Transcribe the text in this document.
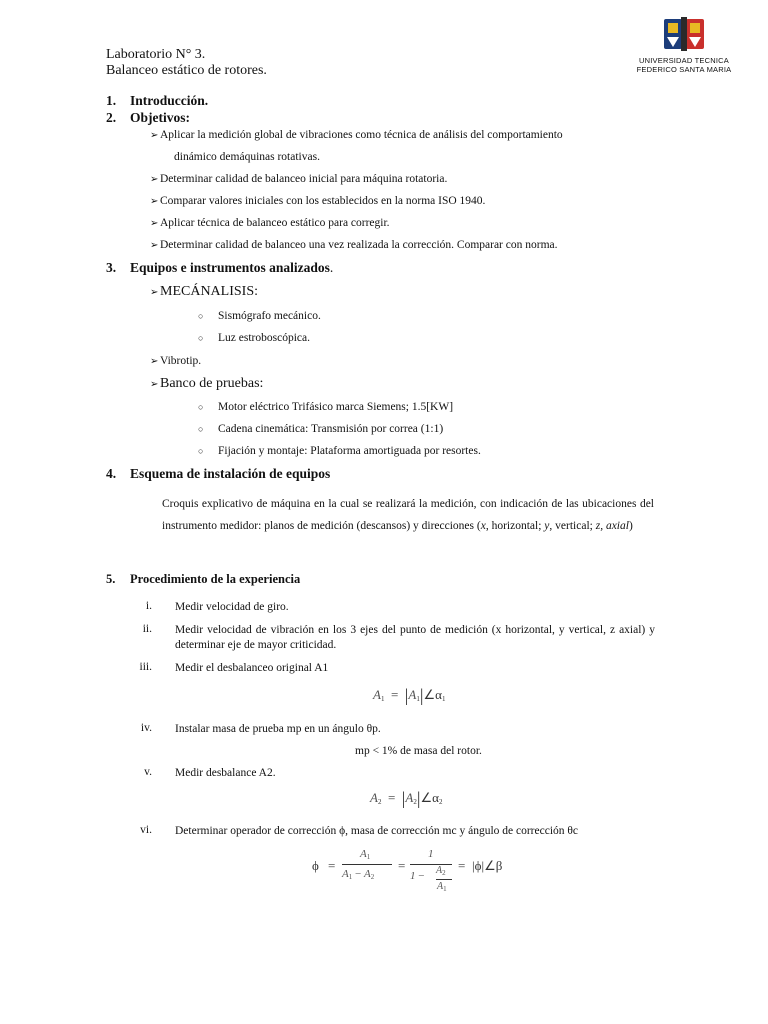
Laboratorio N° 3.
Balanceo estático de rotores.
UNIVERSIDAD TECNICA
FEDERICO SANTA MARIA
1. Introducción.
2. Objetivos:
➢ Aplicar la medición global de vibraciones como técnica de análisis del comportamiento
dinámico demáquinas rotativas.
➢ Determinar calidad de balanceo inicial para máquina rotatoria.
➢ Comparar valores iniciales con los establecidos en la norma ISO 1940.
➢ Aplicar técnica de balanceo estático para corregir.
➢ Determinar calidad de balanceo una vez realizada la corrección. Comparar con norma.
3. Equipos e instrumentos analizados.
➢ MECÁNALISIS:
○ Sismógrafo mecánico.
○ Luz estroboscópica.
➢ Vibrotip.
➢ Banco de pruebas:
○ Motor eléctrico Trifásico marca Siemens; 1.5[KW]
○ Cadena cinemática: Transmisión por correa (1:1)
○ Fijación y montaje: Plataforma amortiguada por resortes.
4. Esquema de instalación de equipos
Croquis explicativo de máquina en la cual se realizará la medición, con indicación de las ubicaciones del instrumento medidor: planos de medición (descansos) y direcciones (x, horizontal; y, vertical; z, axial)
5. Procedimiento de la experiencia
i. Medir velocidad de giro.
ii. Medir velocidad de vibración en los 3 ejes del punto de medición (x horizontal, y vertical, z axial) y determinar eje de mayor criticidad.
iii. Medir el desbalanceo original A1
$A_1$ = $|A_1|\angle\alpha_1$
iv. Instalar masa de prueba mp en un ángulo θp.
mp < 1% de masa del rotor.
v. Medir desbalance A2.
$A_2$ = $|A_2|\angle\alpha_2$
vi. Determinar operador de corrección ϕ, masa de corrección mc y ángulo de corrección θc
ϕ =
$A_1$
$A_1 - A_2$
=
1
$1 - A_2$
$A_1$
= |ϕ|∠β
